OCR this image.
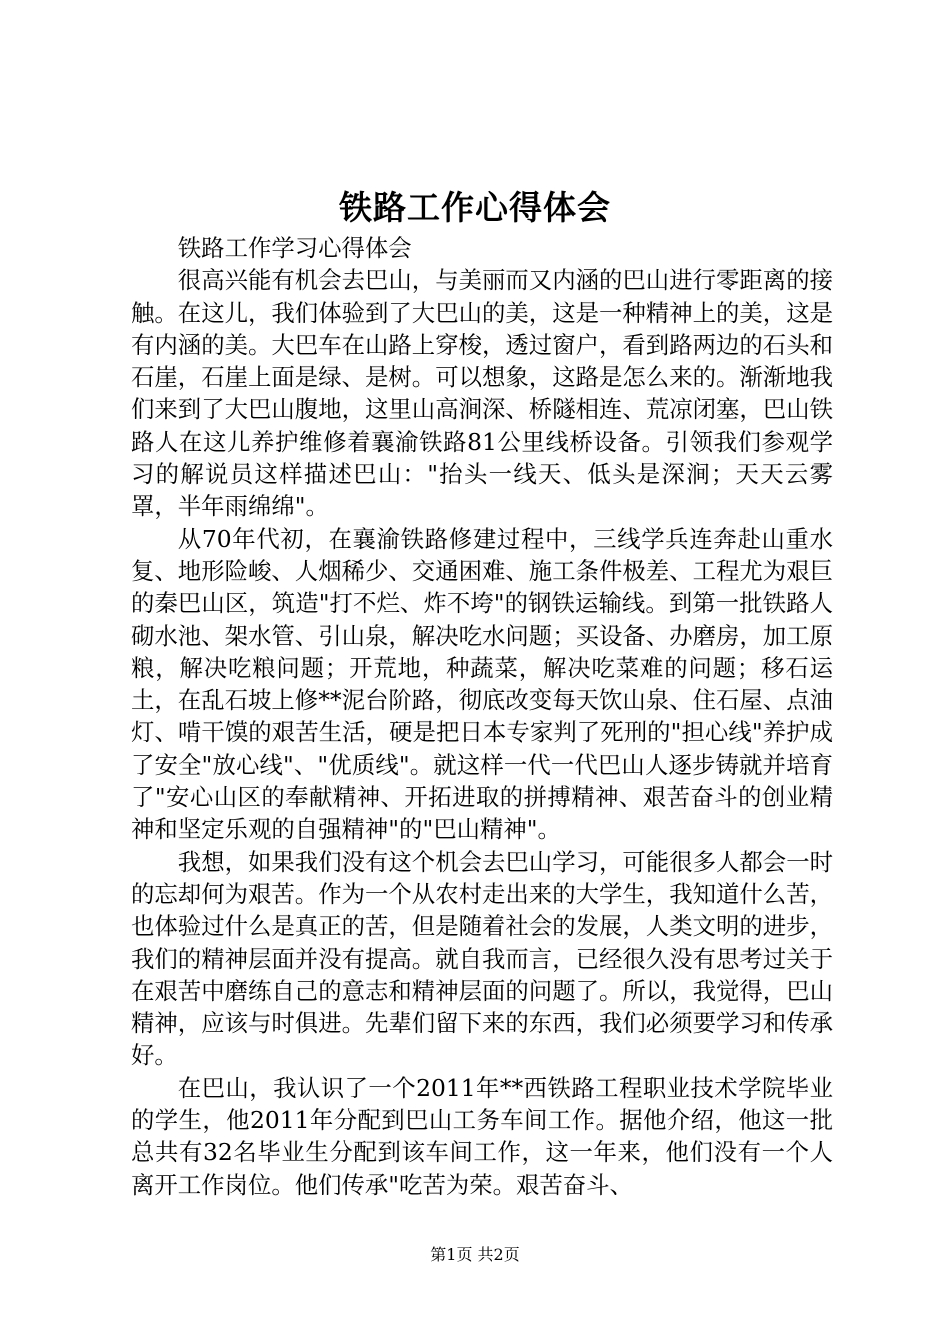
铁路工作心得体会

铁路工作学习心得体会

很高兴能有机会去巴山，与美丽而又内涵的巴山进行零距离的接触。在这儿，我们体验到了大巴山的美，这是一种精神上的美，这是有内涵的美。大巴车在山路上穿梭，透过窗户，看到路两边的石头和石崖，石崖上面是绿、是树。可以想象，这路是怎么来的。渐渐地我们来到了大巴山腹地，这里山高涧深、桥隧相连、荒凉闭塞，巴山铁路人在这儿养护维修着襄渝铁路81公里线桥设备。引领我们参观学习的解说员这样描述巴山："抬头一线天、低头是深涧；天天云雾罩，半年雨绵绵"。

从70年代初，在襄渝铁路修建过程中，三线学兵连奔赴山重水复、地形险峻、人烟稀少、交通困难、施工条件极差、工程尤为艰巨的秦巴山区，筑造"打不烂、炸不垮"的钢铁运输线。到第一批铁路人砌水池、架水管、引山泉，解决吃水问题；买设备、办磨房，加工原粮，解决吃粮问题；开荒地，种蔬菜，解决吃菜难的问题；移石运土，在乱石坡上修**泥台阶路，彻底改变每天饮山泉、住石屋、点油灯、啃干馍的艰苦生活，硬是把日本专家判了死刑的"担心线"养护成了安全"放心线"、"优质线"。就这样一代一代巴山人逐步铸就并培育了"安心山区的奉献精神、开拓进取的拼搏精神、艰苦奋斗的创业精神和坚定乐观的自强精神"的"巴山精神"。

我想，如果我们没有这个机会去巴山学习，可能很多人都会一时的忘却何为艰苦。作为一个从农村走出来的大学生，我知道什么苦，也体验过什么是真正的苦，但是随着社会的发展，人类文明的进步，我们的精神层面并没有提高。就自我而言，已经很久没有思考过关于在艰苦中磨练自己的意志和精神层面的问题了。所以，我觉得，巴山精神，应该与时俱进。先辈们留下来的东西，我们必须要学习和传承好。

在巴山，我认识了一个2011年**西铁路工程职业技术学院毕业的学生，他2011年分配到巴山工务车间工作。据他介绍，他这一批总共有32名毕业生分配到该车间工作，这一年来，他们没有一个人离开工作岗位。他们传承"吃苦为荣。艰苦奋斗、

第1页 共2页
